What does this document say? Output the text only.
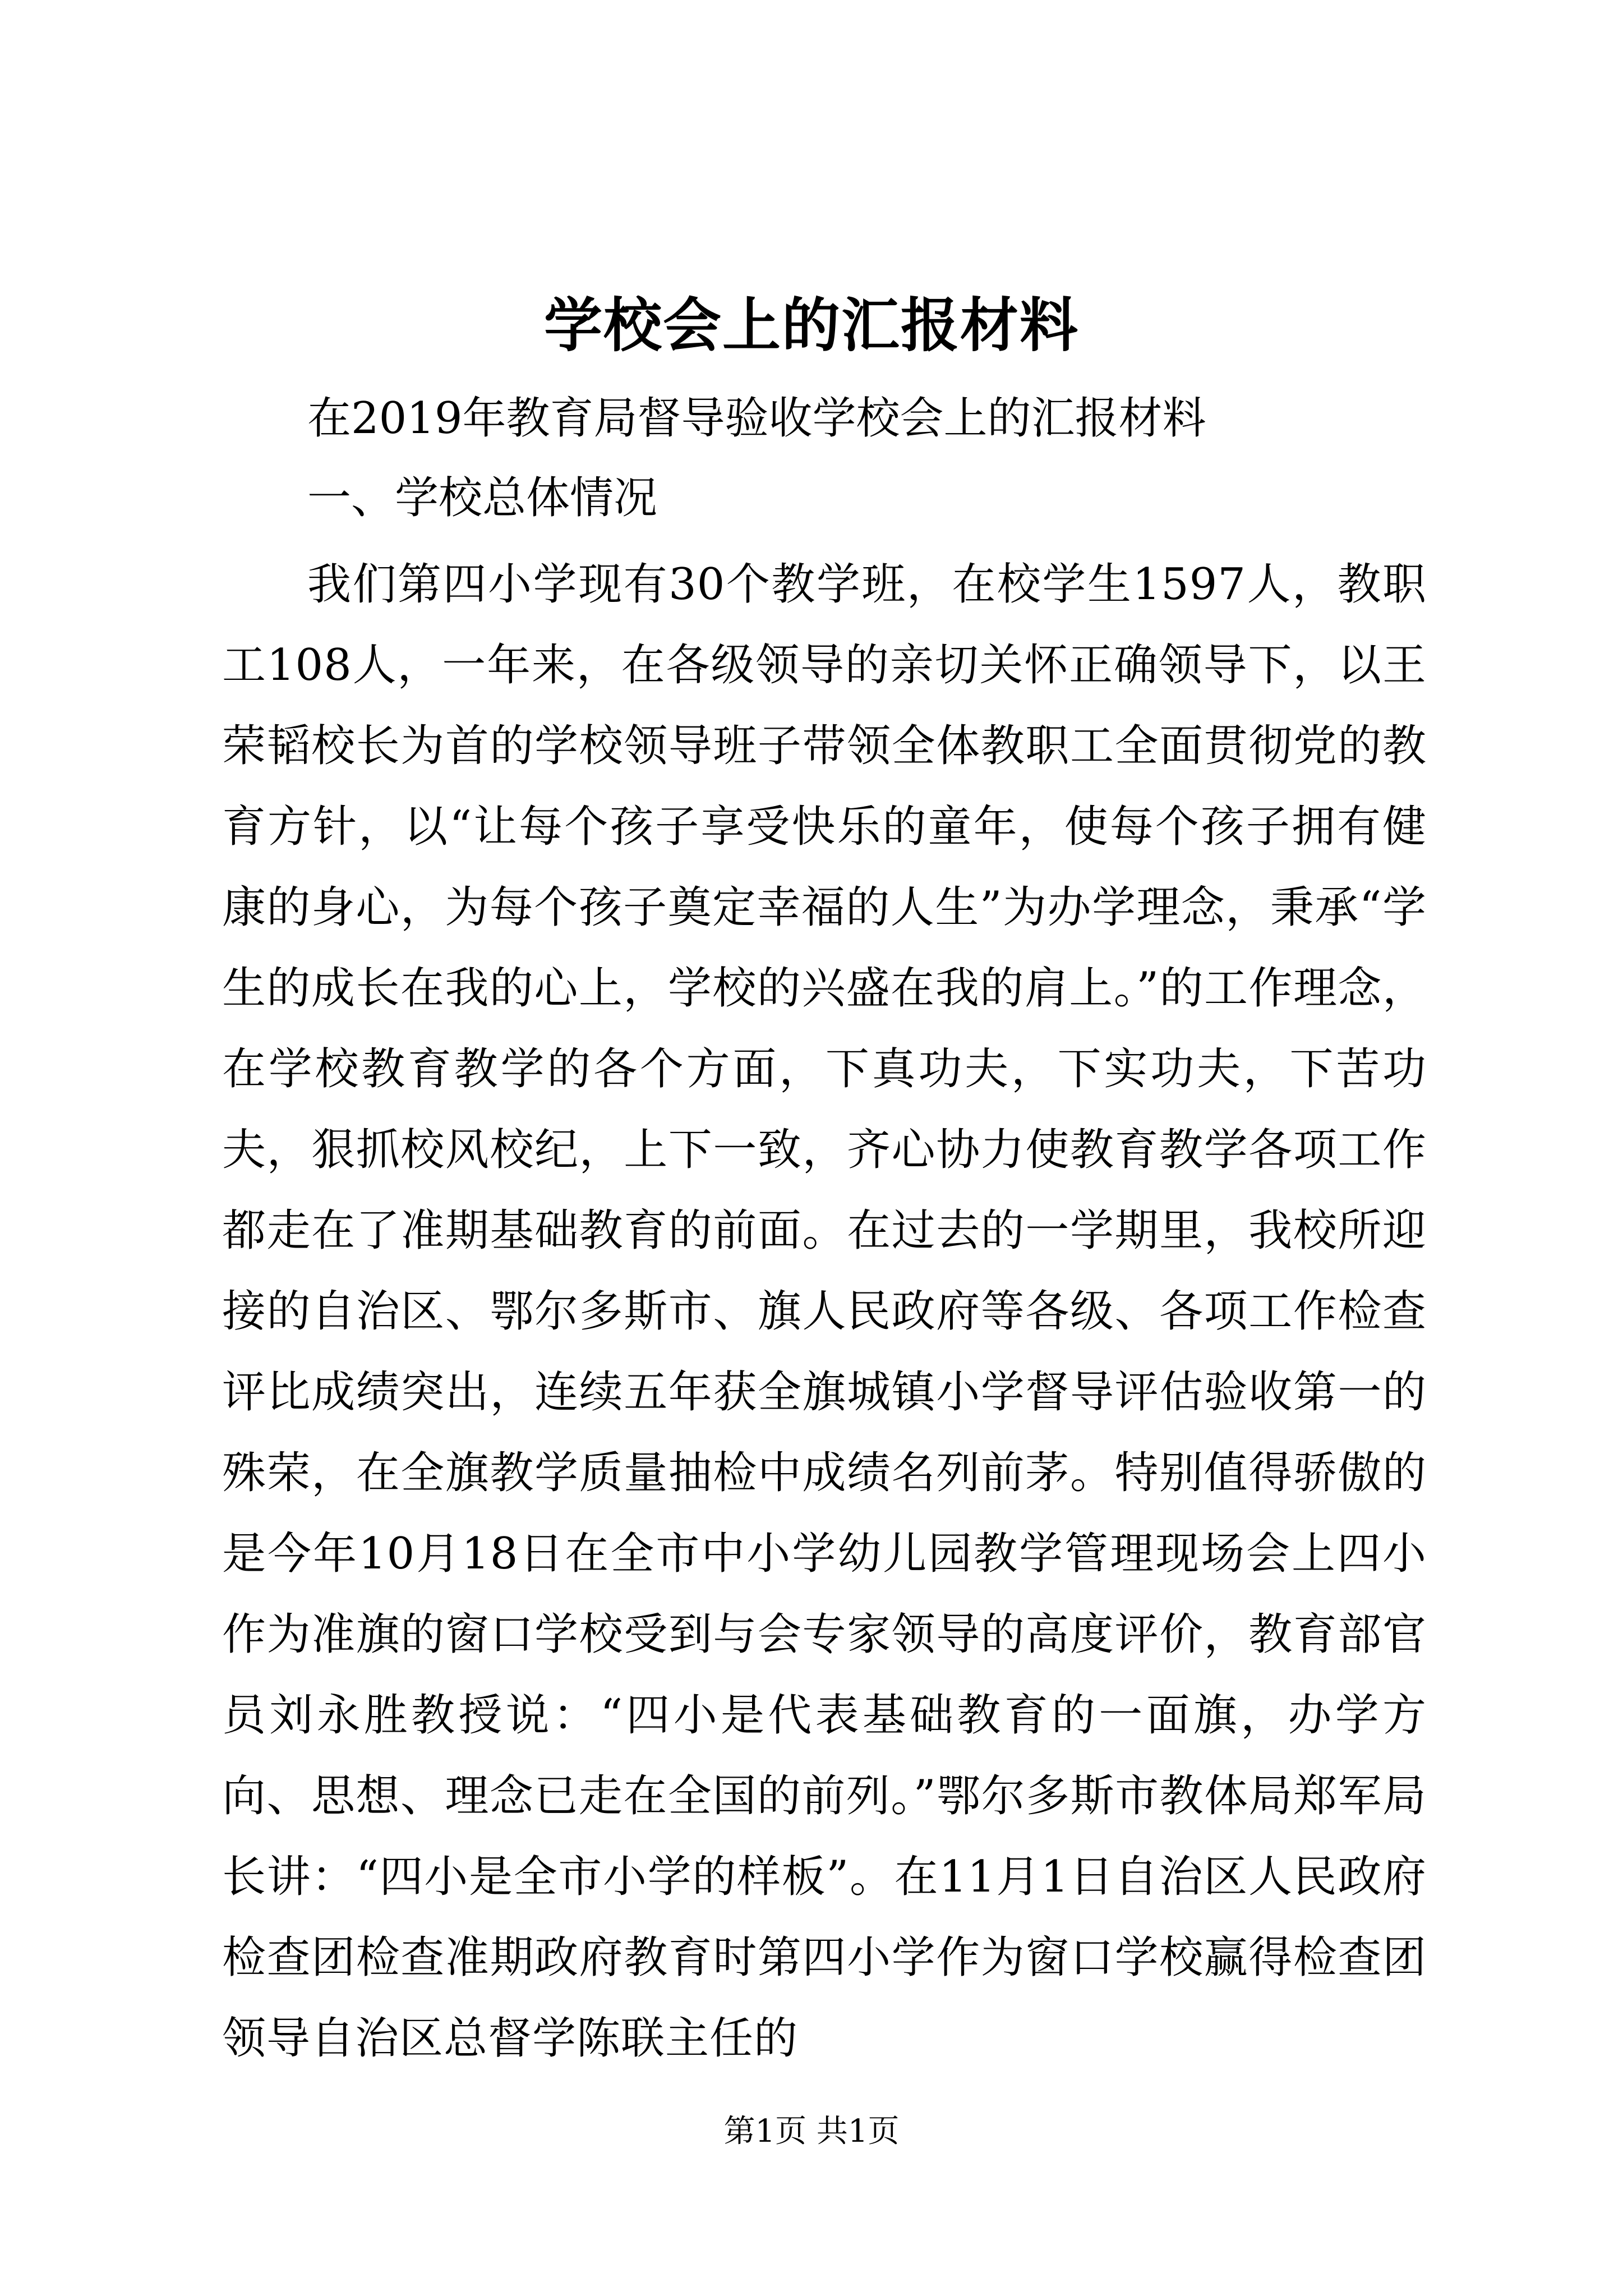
学校会上的汇报材料
在2019年教育局督导验收学校会上的汇报材料
一、学校总体情况
我们第四小学现有30个教学班，在校学生1597人，教职工108人，一年来，在各级领导的亲切关怀正确领导下，以王荣韬校长为首的学校领导班子带领全体教职工全面贯彻党的教育方针，以“让每个孩子享受快乐的童年，使每个孩子拥有健康的身心，为每个孩子奠定幸福的人生”为办学理念，秉承“学生的成长在我的心上，学校的兴盛在我的肩上。”的工作理念，在学校教育教学的各个方面，下真功夫，下实功夫，下苦功夫，狠抓校风校纪，上下一致，齐心协力使教育教学各项工作都走在了准期基础教育的前面。在过去的一学期里，我校所迎接的自治区、鄂尔多斯市、旗人民政府等各级、各项工作检查评比成绩突出，连续五年获全旗城镇小学督导评估验收第一的殊荣，在全旗教学质量抽检中成绩名列前茅。特别值得骄傲的是今年10月18日在全市中小学幼儿园教学管理现场会上四小作为准旗的窗口学校受到与会专家领导的高度评价，教育部官员刘永胜教授说：“四小是代表基础教育的一面旗，办学方向、思想、理念已走在全国的前列。”鄂尔多斯市教体局郑军局长讲：“四小是全市小学的样板”。在11月1日自治区人民政府检查团检查准期政府教育时第四小学作为窗口学校赢得检查团领导自治区总督学陈联主任的
第1页 共1页
